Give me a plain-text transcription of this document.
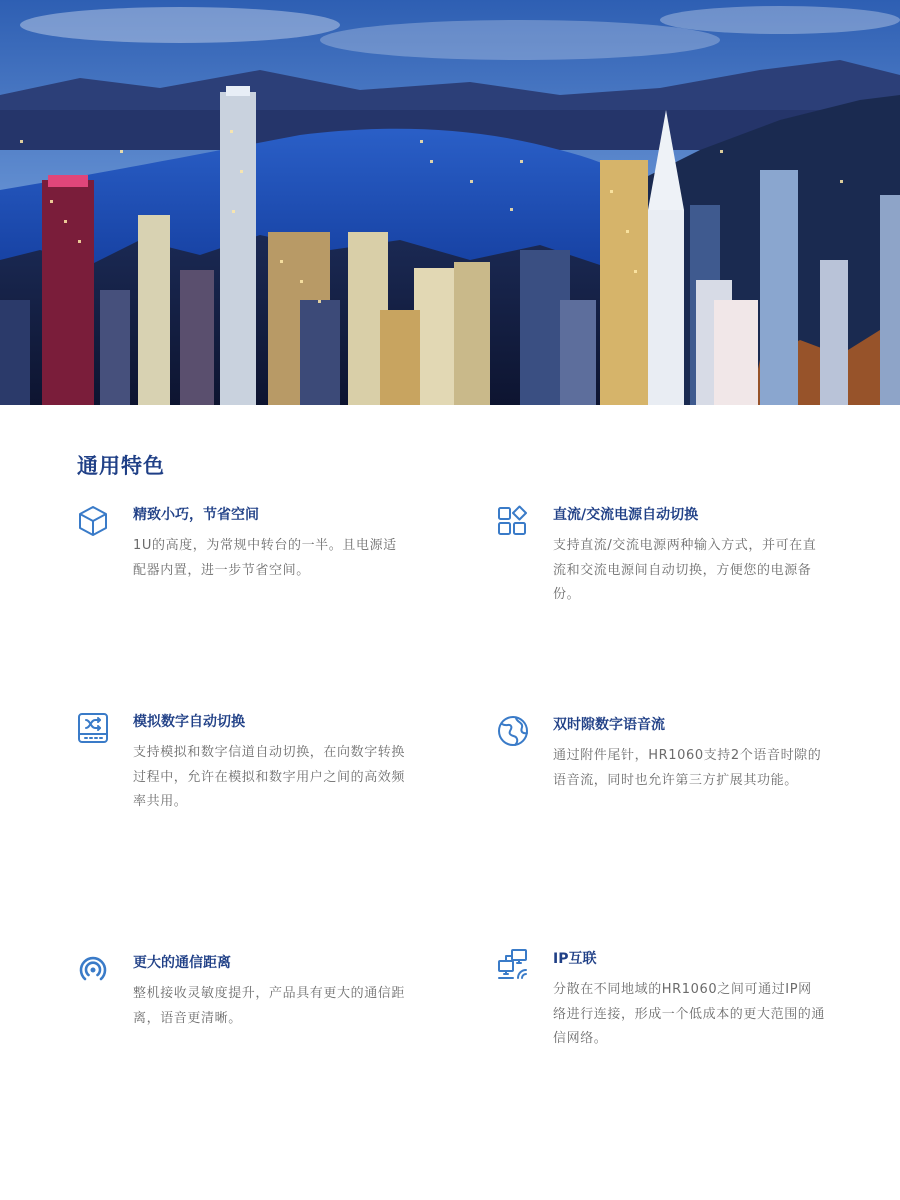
通用特色
精致小巧，节省空间

1U的高度，为常规中转台的一半。且电源适配器内置，进一步节省空间。

直流/交流电源自动切换

支持直流/交流电源两种输入方式，并可在直流和交流电源间自动切换，方便您的电源备份。

模拟数字自动切换

支持模拟和数字信道自动切换，在向数字转换过程中，允许在模拟和数字用户之间的高效频率共用。

双时隙数字语音流

通过附件尾针，HR1060支持2个语音时隙的语音流，同时也允许第三方扩展其功能。

更大的通信距离

整机接收灵敏度提升，产品具有更大的通信距离，语音更清晰。

IP互联

分散在不同地域的HR1060之间可通过IP网络进行连接，形成一个低成本的更大范围的通信网络。
